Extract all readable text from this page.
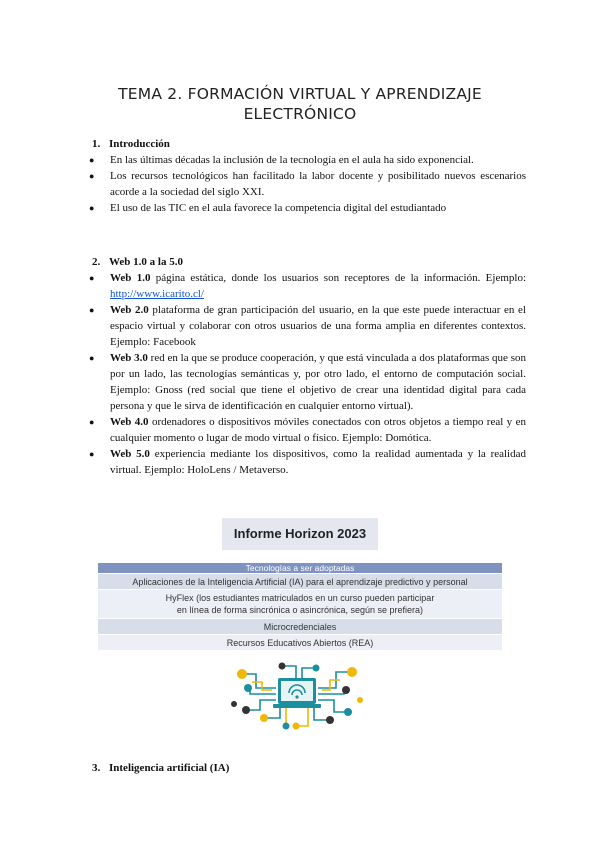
TEMA 2. FORMACIÓN VIRTUAL Y APRENDIZAJE
ELECTRÓNICO

1. Introducción

● En las últimas décadas la inclusión de la tecnología en el aula ha sido exponencial.
● Los recursos tecnológicos han facilitado la labor docente y posibilitado nuevos escenarios acorde a la sociedad del siglo XXI.
● El uso de las TIC en el aula favorece la competencia digital del estudiantado

2. Web 1.0 a la 5.0

● Web 1.0 página estática, donde los usuarios son receptores de la información. Ejemplo: http://www.icarito.cl/
● Web 2.0 plataforma de gran participación del usuario, en la que este puede interactuar en el espacio virtual y colaborar con otros usuarios de una forma amplia en diferentes contextos. Ejemplo: Facebook
● Web 3.0 red en la que se produce cooperación, y que está vinculada a dos plataformas que son por un lado, las tecnologías semánticas y, por otro lado, el entorno de computación social. Ejemplo: Gnoss (red social que tiene el objetivo de crear una identidad digital para cada persona y que le sirva de identificación en cualquier entorno virtual).
● Web 4.0 ordenadores o dispositivos móviles conectados con otros objetos a tiempo real y en cualquier momento o lugar de modo virtual o físico. Ejemplo: Domótica.
● Web 5.0 experiencia mediante los dispositivos, como la realidad aumentada y la realidad virtual. Ejemplo: HoloLens / Metaverso.
Informe Horizon 2023
Tecnologías a ser adoptadas
Aplicaciones de la Inteligencia Artificial (IA) para el aprendizaje predictivo y personal

HyFlex (los estudiantes matriculados en un curso pueden participar
en línea de forma sincrónica o asincrónica, según se prefiera)

Microcredenciales
Recursos Educativos Abiertos (REA)
3. Inteligencia artificial (IA)
